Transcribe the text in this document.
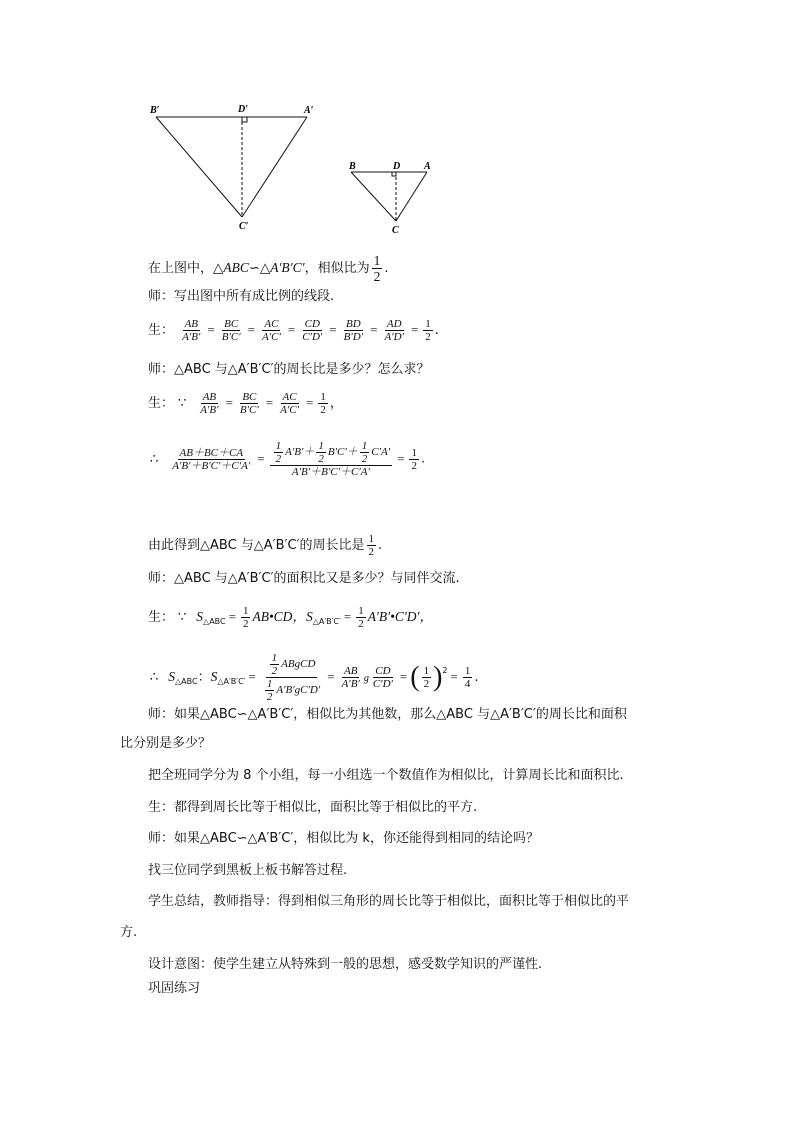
B′	D′	A′
C′
B	D A
C
在上图中，△ABC∽△A′B′C′，相似比为 $\frac{1}{2}$ .
师：写出图中所有成比例的线段.
生： $\frac{AB}{A'B'} = \frac{BC}{B'C'} = \frac{AC}{A'C'} = \frac{CD}{C'D'} = \frac{BD}{B'D'} = \frac{AD}{A'D'} = \frac{1}{2}$ .
师：△ABC 与△A′B′C′的周长比是多少？怎么求？
生： ∵ $\frac{AB}{A'B'} = \frac{BC}{B'C'} = \frac{AC}{A'C'} = \frac{1}{2}$ ，
∴ $\frac{AB+BC+CA}{A'B'+B'C'+C'A'} = \frac{\frac{1}{2} A'B'+ \frac{1}{2} B'C'+ \frac{1}{2} C'A'}{A'B'+B'C'+C'A'} = \frac{1}{2}$ .
由此得到△ABC 与△A′B′C′的周长比是 $\frac{1}{2}$ .
师：△ABC 与△A′B′C′的面积比又是多少？与同伴交流.
生： ∵ $S_{\triangle ABC} = \frac{1}{2}$ AB•CD，$S_{\triangle A'B'C'} = \frac{1}{2}$ A′B′•C′D′，
∴ $S_{\triangle ABC}$：$S_{\triangle A'B'C'} = \frac{\frac{1}{2} ABgCD}{\frac{1}{2} A'B'gC'D'} = \frac{AB}{A'B'}$ g $\frac{CD}{C'D'}$ = ( $\frac{1}{2} )^2 = \frac{1}{4}$ .
师：如果△ABC∽△A′B′C′，相似比为其他数，那么△ABC 与△A′B′C′的周长比和面积
比分别是多少？
把全班同学分为 8 个小组，每一小组选一个数值作为相似比，计算周长比和面积比.
生：都得到周长比等于相似比，面积比等于相似比的平方.
师：如果△ABC∽△A′B′C′，相似比为 k，你还能得到相同的结论吗？
找三位同学到黑板上板书解答过程.
学生总结，教师指导：得到相似三角形的周长比等于相似比，面积比等于相似比的平
方.
设计意图：使学生建立从特殊到一般的思想，感受数学知识的严谨性.
巩固练习
